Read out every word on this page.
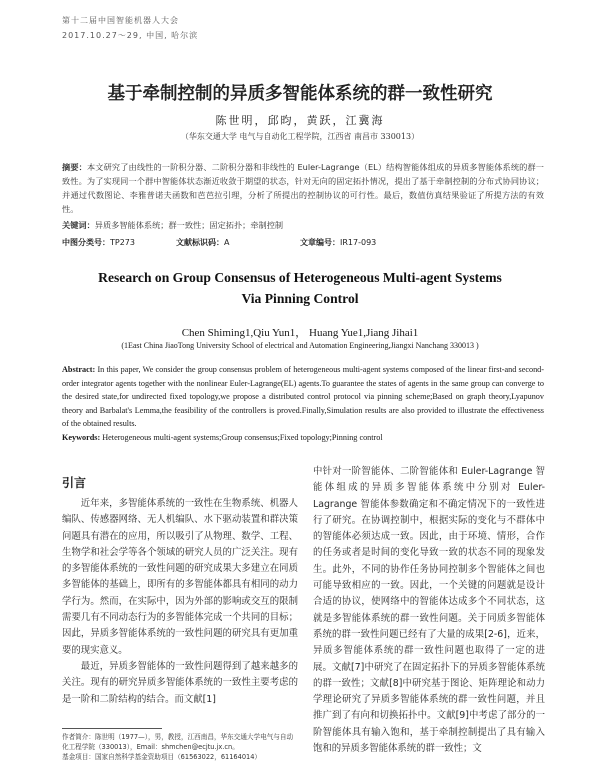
第十二届中国智能机器人大会
2017.10.27～29, 中国, 哈尔滨
基于牵制控制的异质多智能体系统的群一致性研究
陈世明，邱昀，黄跃，江冀海
（华东交通大学 电气与自动化工程学院，江西省 南昌市 330013）
摘要：本文研究了由线性的一阶积分器、二阶积分器和非线性的 Euler-Lagrange（EL）结构智能体组成的异质多智能体系统的群一致性。为了实现同一个群中智能体状态渐近收敛于期望的状态，针对无向的固定拓扑情况，提出了基于牵制控制的分布式协同协议；并通过代数图论、李雅普诺夫函数和芭芭拉引理，分析了所提出的控制协议的可行性。最后，数值仿真结果验证了所提方法的有效性。
关键词：异质多智能体系统；群一致性；固定拓扑；牵制控制
中图分类号：TP273	文献标识码：A	文章编号：IR17-093
Research on Group Consensus of Heterogeneous Multi-agent Systems
Via Pinning Control
Chen Shiming1,Qiu Yun1， Huang Yue1,Jiang Jihai1
(1East China JiaoTong University School of electrical and Automation Engineering,Jiangxi Nanchang 330013 )
Abstract: In this paper, We consider the group consensus problem of heterogeneous multi-agent systems composed of the linear first-and second-order integrator agents together with the nonlinear Euler-Lagrange(EL) agents.To guarantee the states of agents in the same group can converge to the desired state,for undirected fixed topology,we propose a distributed control protocol via pinning scheme;Based on graph theory,Lyapunov theory and Barbalat's Lemma,the feasibility of the controllers is proved.Finally,Simulation results are also provided to illustrate the effectiveness of the obtained results.
Keywords: Heterogeneous multi-agent systems;Group consensus;Fixed topology;Pinning control
引言

近年来，多智能体系统的一致性在生物系统、机器人编队、传感器网络、无人机编队、水下驱动装置和群决策问题具有潜在的应用，所以吸引了从物理、数学、工程、生物学和社会学等各个领域的研究人员的广泛关注。现有的多智能体系统的一致性问题的研究成果大多建立在同质多智能体的基础上，即所有的多智能体都具有相同的动力学行为。然而，在实际中，因为外部的影响或交互的限制需要几有不同动态行为的多智能体完成一个共同的目标；因此，异质多智能体系统的一致性问题的研究具有更加重要的现实意义。

最近，异质多智能体的一致性问题得到了越来越多的关注。现有的研究异质多智能体系统的一致性主要考虑的是一阶和二阶结构的结合。而文献[1]

中针对一阶智能体、二阶智能体和 Euler-Lagrange 智能体组成的异质多智能体系统中分别对 Euler-Lagrange 智能体参数确定和不确定情况下的一致性进行了研究。在协调控制中，根据实际的变化与不群体中的智能体必须达成一致。因此，由于环境、情形，合作的任务或者是时间的变化导致一致的状态不同的现象发生。此外，不同的协作任务协同控制多个智能体之间也可能导致相应的一致。因此，一个关键的问题就是设计合适的协议，使网络中的智能体达成多个不同状态，这就是多智能体系统的群一致性问题。关于同质多智能体系统的群一致性问题已经有了大量的成果[2-6]，近来，异质多智能体系统的群一致性问题也取得了一定的进展。文献[7]中研究了在固定拓扑下的异质多智能体系统的群一致性；文献[8]中研究基于图论、矩阵理论和动力学理论研究了异质多智能体系统的群一致性问题，并且推广到了有向和切换拓扑中。文献[9]中考虑了部分的一阶智能体具有输入饱和，基于牵制控制提出了具有输入饱和的异质多智能体系统的群一致性；文

作者简介：陈世明（1977—），男，教授，江西南昌，华东交通大学电气与自动化工程学院（330013），Email：shmchen@ecjtu.jx.cn。
基金项目：国家自然科学基金资助项目（61563022，61164014）
